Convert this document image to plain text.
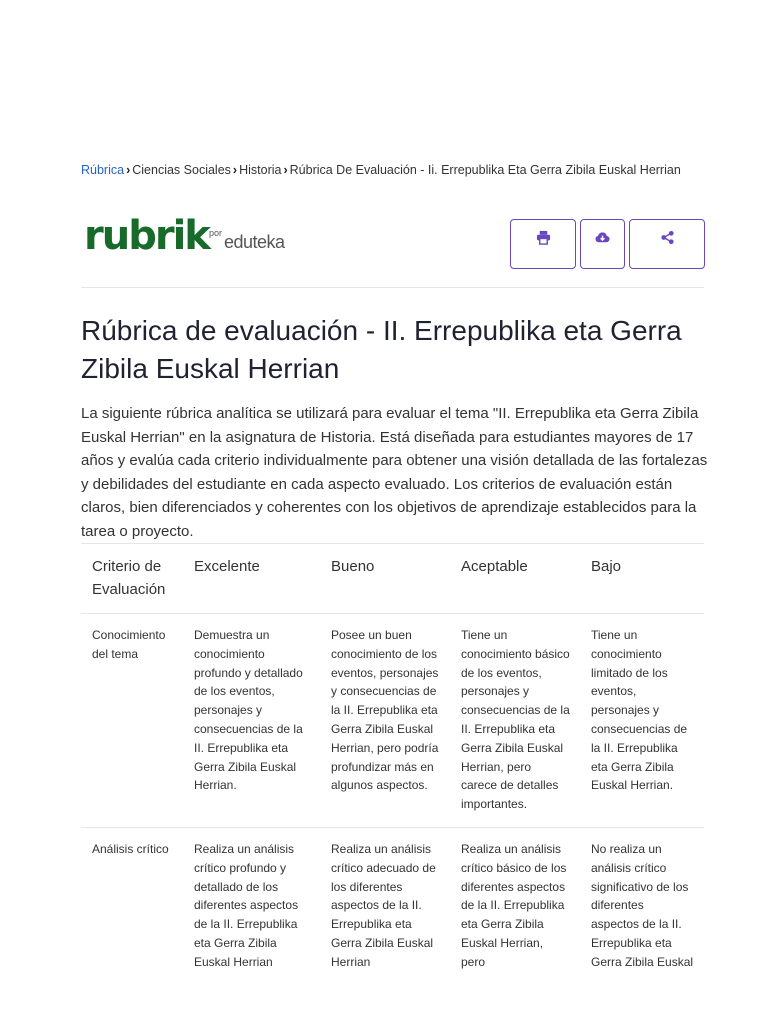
Rúbrica › Ciencias Sociales › Historia › Rúbrica De Evaluación - Ii. Errepublika Eta Gerra Zibila Euskal Herrian
rubrik por eduteka
Rúbrica de evaluación - II. Errepublika eta Gerra Zibila Euskal Herrian

La siguiente rúbrica analítica se utilizará para evaluar el tema "II. Errepublika eta Gerra Zibila Euskal Herrian" en la asignatura de Historia. Está diseñada para estudiantes mayores de 17 años y evalúa cada criterio individualmente para obtener una visión detallada de las fortalezas y debilidades del estudiante en cada aspecto evaluado. Los criterios de evaluación están claros, bien diferenciados y coherentes con los objetivos de aprendizaje establecidos para la tarea o proyecto.

Criterio de Evaluación	Excelente	Bueno	Aceptable	Bajo
Conocimiento del tema	Demuestra un conocimiento profundo y detallado de los eventos, personajes y consecuencias de la II. Errepublika eta Gerra Zibila Euskal Herrian.	Posee un buen conocimiento de los eventos, personajes y consecuencias de la II. Errepublika eta Gerra Zibila Euskal Herrian, pero podría profundizar más en algunos aspectos.	Tiene un conocimiento básico de los eventos, personajes y consecuencias de la II. Errepublika eta Gerra Zibila Euskal Herrian, pero carece de detalles importantes.	Tiene un conocimiento limitado de los eventos, personajes y consecuencias de la II. Errepublika eta Gerra Zibila Euskal Herrian.
Análisis crítico	Realiza un análisis crítico profundo y detallado de los diferentes aspectos de la II. Errepublika eta Gerra Zibila Euskal Herrian	Realiza un análisis crítico adecuado de los diferentes aspectos de la II. Errepublika eta Gerra Zibila Euskal Herrian	Realiza un análisis crítico básico de los diferentes aspectos de la II. Errepublika eta Gerra Zibila Euskal Herrian, pero	No realiza un análisis crítico significativo de los diferentes aspectos de la II. Errepublika eta Gerra Zibila Euskal
